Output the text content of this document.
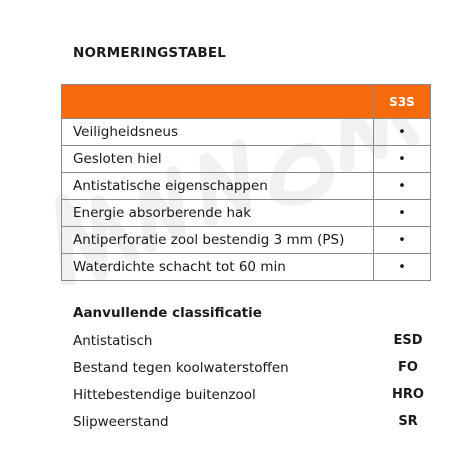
NORMERINGSTABEL
	S3S
Veiligheidsneus	•
Gesloten hiel	•
Antistatische eigenschappen	•
Energie absorberende hak	•
Antiperforatie zool bestendig 3 mm (PS)	•
Waterdichte schacht tot 60 min	•
Aanvullende classificatie
Antistatisch	ESD
Bestand tegen koolwaterstoffen	FO
Hittebestendige buitenzool	HRO
Slipweerstand	SR
